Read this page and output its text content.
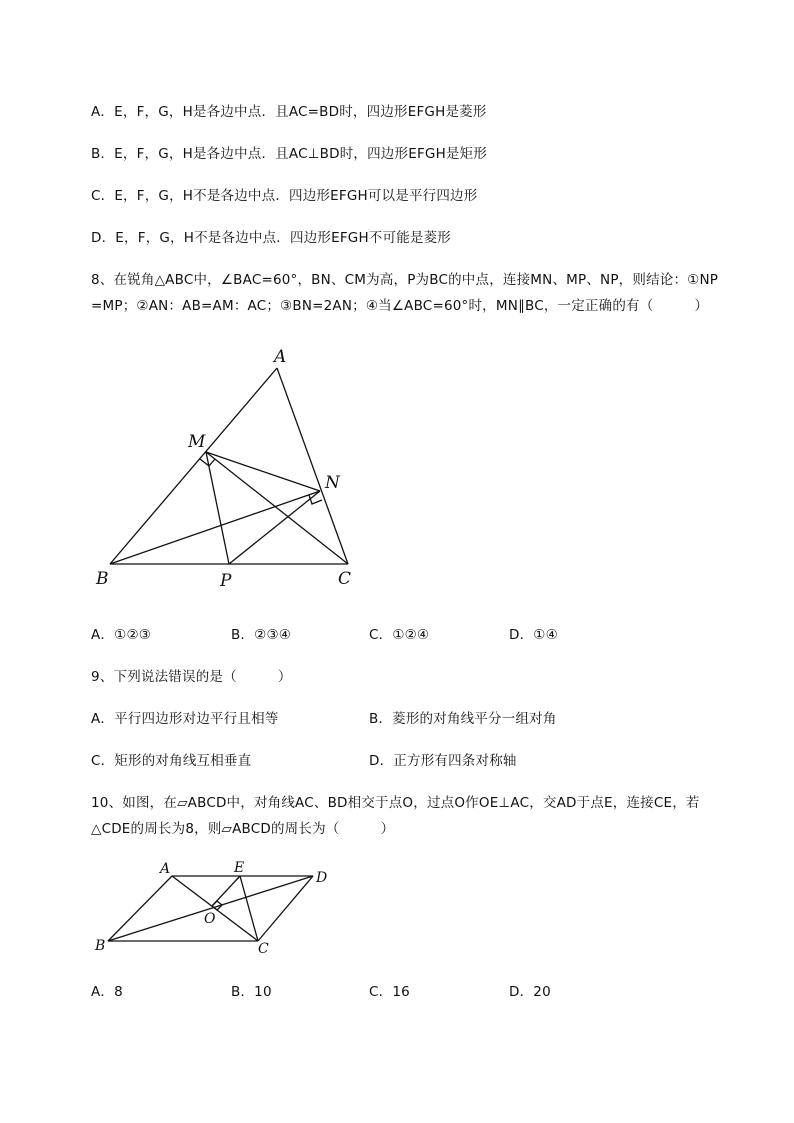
A．E，F，G，H是各边中点．且AC=BD时，四边形EFGH是菱形
B．E，F，G，H是各边中点．且AC⊥BD时，四边形EFGH是矩形
C．E，F，G，H不是各边中点．四边形EFGH可以是平行四边形
D．E，F，G，H不是各边中点．四边形EFGH不可能是菱形
8、在锐角△ABC中，∠BAC=60°，BN、CM为高，P为BC的中点，连接MN、MP、NP，则结论：①NP
=MP；②AN：AB=AM：AC；③BN=2AN；④当∠ABC=60°时，MN∥BC，一定正确的有（　　　）
A
M
N
B	P	C
A．①②③	B．②③④	C．①②④	D．①④
9、下列说法错误的是（　　　）
A．平行四边形对边平行且相等	B．菱形的对角线平分一组对角
C．矩形的对角线互相垂直	D．正方形有四条对称轴
10、如图，在▱ABCD中，对角线AC、BD相交于点O，过点O作OE⊥AC，交AD于点E，连接CE，若
△CDE的周长为8，则▱ABCD的周长为（　　　）
A	E
D
O
B	C
A．8	B．10	C．16	D．20
